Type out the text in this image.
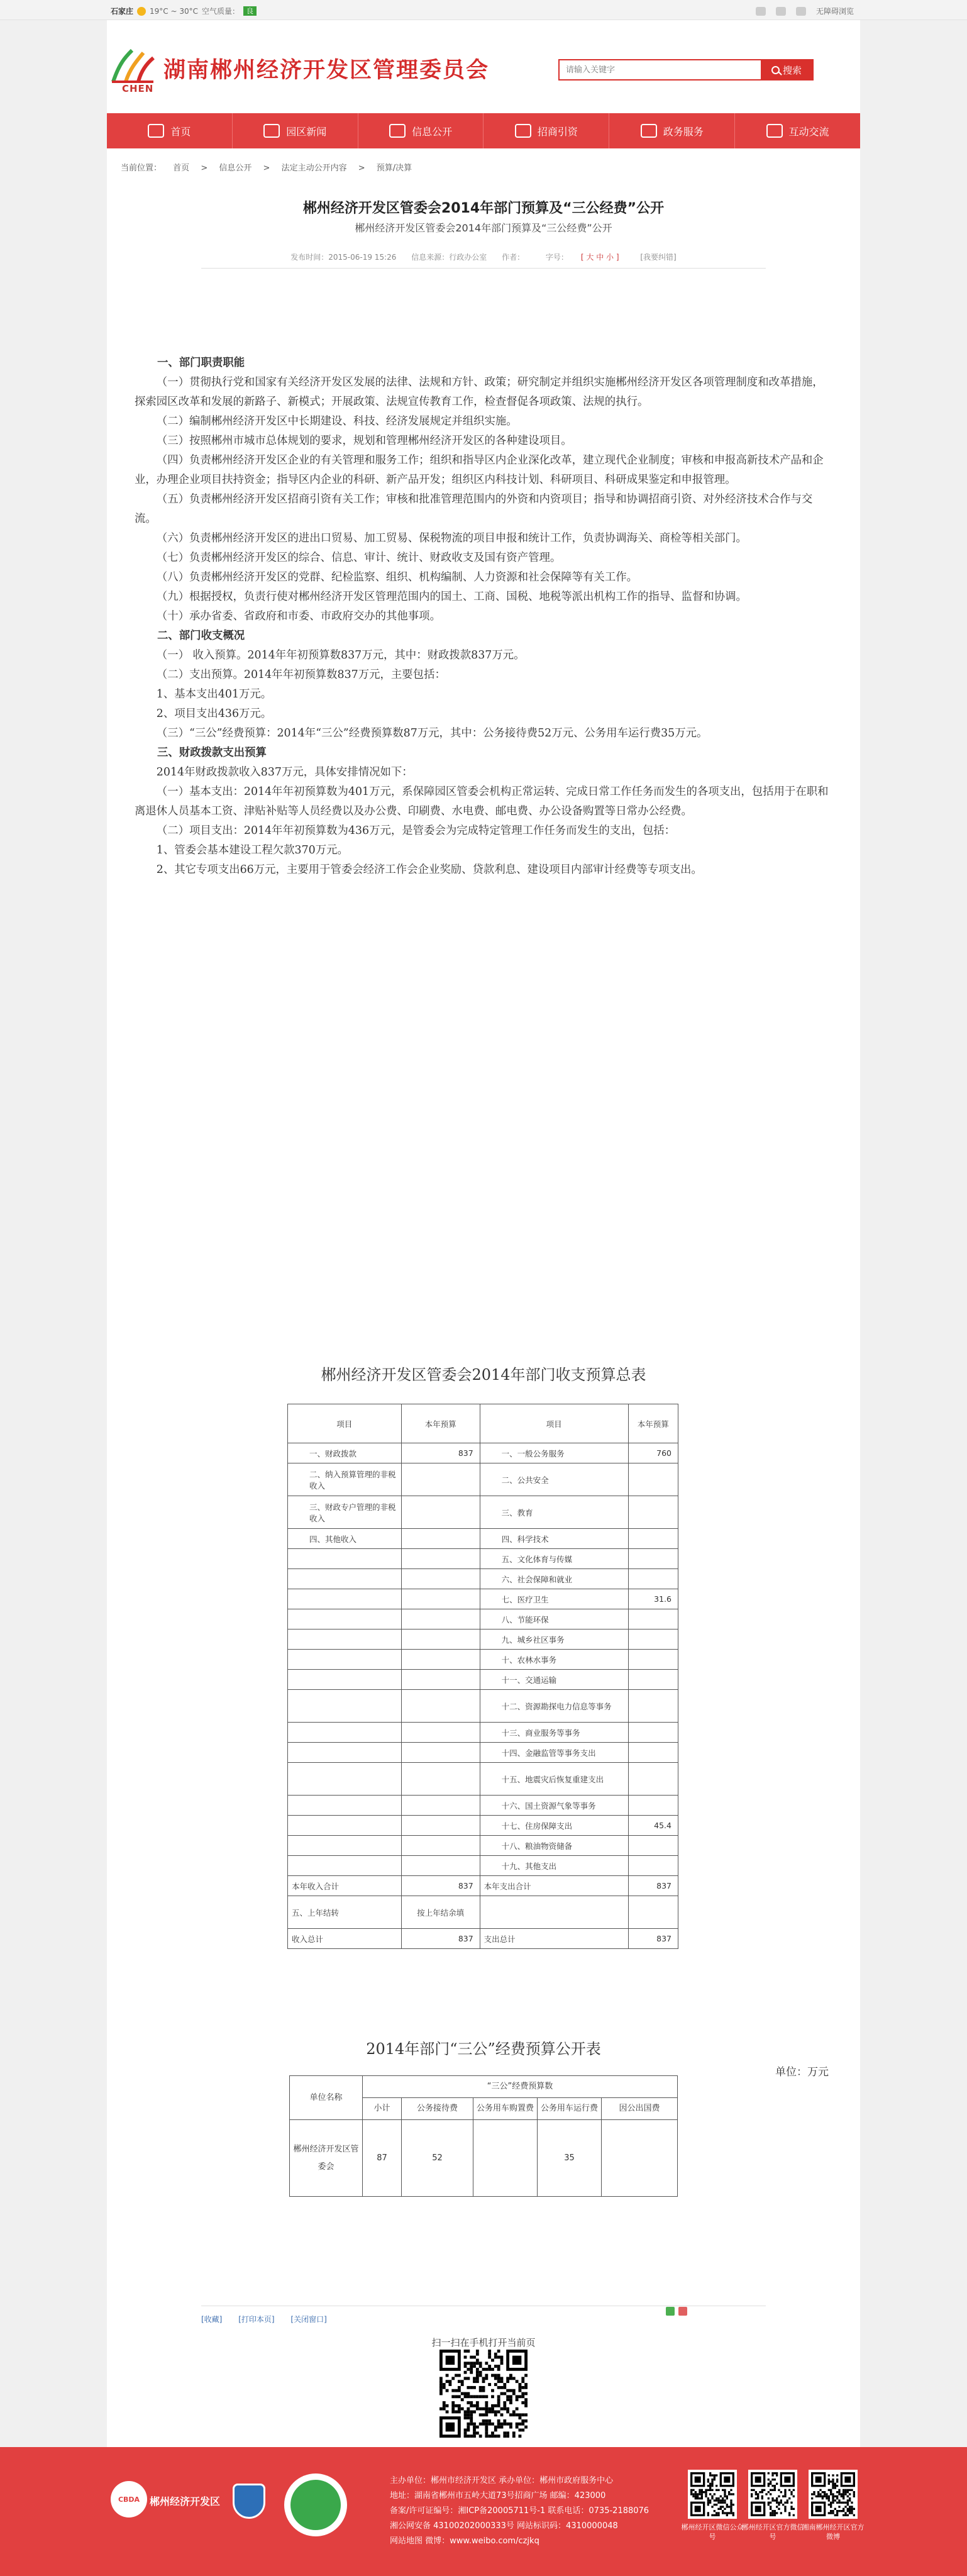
石家庄 19°C ~ 30°C 空气质量：	良	无障碍浏览
CHEN
湖南郴州经济开发区管理委员会
请输入关键字	搜索
首页	园区新闻	信息公开	招商引资	政务服务	互动交流
当前位置： 首页 > 信息公开 > 法定主动公开内容 > 预算/决算
郴州经济开发区管委会2014年部门预算及“三公经费”公开
郴州经济开发区管委会2014年部门预算及“三公经费”公开
发布时间：2015-06-19 15:26 信息来源：行政办公室 作者：	字号： [ 大 中 小 ]	[我要纠错]

一、部门职责职能

（一）贯彻执行党和国家有关经济开发区发展的法律、法规和方针、政策；研究制定并组织实施郴州经济开发区各项管理制度和改革措施，探索园区改革和发展的新路子、新模式；开展政策、法规宣传教育工作，检查督促各项政策、法规的执行。

（二）编制郴州经济开发区中长期建设、科技、经济发展规定并组织实施。

（三）按照郴州市城市总体规划的要求，规划和管理郴州经济开发区的各种建设项目。

（四）负责郴州经济开发区企业的有关管理和服务工作；组织和指导区内企业深化改革，建立现代企业制度；审核和申报高新技术产品和企业，办理企业项目扶持资金；指导区内企业的科研、新产品开发；组织区内科技计划、科研项目、科研成果鉴定和申报管理。

（五）负责郴州经济开发区招商引资有关工作；审核和批准管理范围内的外资和内资项目；指导和协调招商引资、对外经济技术合作与交流。

（六）负责郴州经济开发区的进出口贸易、加工贸易、保税物流的项目申报和统计工作，负责协调海关、商检等相关部门。

（七）负责郴州经济开发区的综合、信息、审计、统计、财政收支及国有资产管理。

（八）负责郴州经济开发区的党群、纪检监察、组织、机构编制、人力资源和社会保障等有关工作。

（九）根据授权，负责行使对郴州经济开发区管理范围内的国土、工商、国税、地税等派出机构工作的指导、监督和协调。

（十）承办省委、省政府和市委、市政府交办的其他事项。

二、部门收支概况

（一） 收入预算。2014年年初预算数837万元，其中：财政拨款837万元。

（二）支出预算。2014年年初预算数837万元，主要包括：

1、基本支出401万元。

2、项目支出436万元。

（三）“三公”经费预算：2014年“三公”经费预算数87万元，其中：公务接待费52万元、公务用车运行费35万元。

三、财政拨款支出预算

2014年财政拨款收入837万元，具体安排情况如下：

（一）基本支出：2014年年初预算数为401万元，系保障园区管委会机构正常运转、完成日常工作任务而发生的各项支出，包括用于在职和离退休人员基本工资、津贴补贴等人员经费以及办公费、印刷费、水电费、邮电费、办公设备购置等日常办公经费。

（二）项目支出：2014年年初预算数为436万元，是管委会为完成特定管理工作任务而发生的支出，包括：

1、管委会基本建设工程欠款370万元。

2、其它专项支出66万元，主要用于管委会经济工作会企业奖励、贷款利息、建设项目内部审计经费等专项支出。

郴州经济开发区管委会2014年部门收支预算总表
项目	本年预算	项目	本年预算
一、财政拨款	837	一、一般公务服务	760
二、纳入预算管理的非税收入		二、公共安全	
三、财政专户管理的非税收入		三、教育	
四、其他收入		四、科学技术	
		五、文化体育与传媒	
		六、社会保障和就业	
		七、医疗卫生	31.6
		八、节能环保	
		九、城乡社区事务	
		十、农林水事务	
		十一、交通运输	
		十二、资源勘探电力信息等事务	
		十三、商业服务等事务	
		十四、金融监管等事务支出	
		十五、地震灾后恢复重建支出	
		十六、国土资源气象等事务	
		十七、住房保障支出	45.4
		十八、粮油物资储备	
		十九、其他支出	
本年收入合计	837	本年支出合计	837
五、上年结转	按上年结余填		
收入总计	837	支出总计	837
2014年部门“三公”经费预算公开表
单位：万元
单位名称	“三公”经费预算数				
	小计	公务接待费	公务用车购置费	公务用车运行费	因公出国费
郴州经济开发区管委会	87	52		35	
[收藏] [打印本页] [关闭窗口]
扫一扫在手机打开当前页
CBDA 郴州经济开发区
主办单位：郴州市经济开发区 承办单位：郴州市政府服务中心
地址：湖南省郴州市五岭大道73号招商广场 邮编：423000
备案/许可证编号：湘ICP备20005711号-1 联系电话：0735-2188076
湘公网安备 43100202000333号 网站标识码：4310000048
网站地图 微博：www.weibo.com/czjkq
郴州经开区微信公众号
郴州经开区官方微信号
湘南郴州经开区官方微博
